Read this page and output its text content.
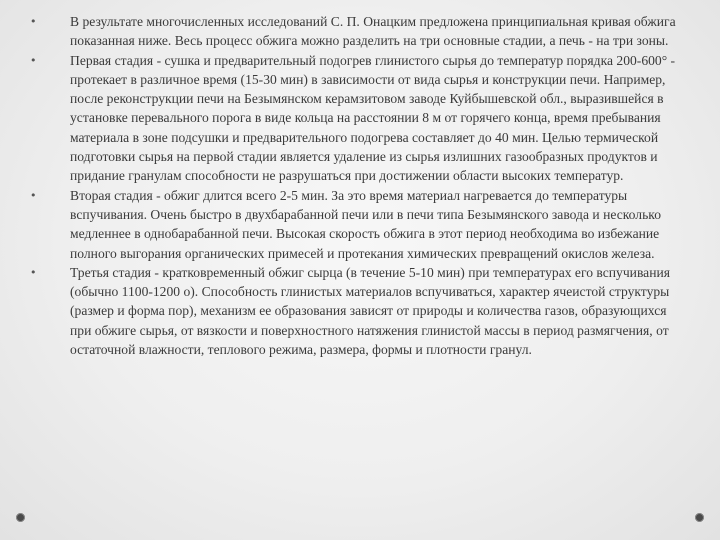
• В результате многочисленных исследований С. П. Онацким предложена принципиальная кривая обжига показанная ниже. Весь процесс обжига можно разделить на три основные стадии, а печь - на три зоны.
• Первая стадия - сушка и предварительный подогрев глинистого сырья до температур порядка 200-600° - протекает в различное время (15-30 мин) в зависимости от вида сырья и конструкции печи. Например, после реконструкции печи на Безымянском керамзитовом заводе Куйбышевской обл., выразившейся в установке перевального порога в виде кольца на расстоянии 8 м от горячего конца, время пребывания материала в зоне подсушки и предварительного подогрева составляет до 40 мин. Целью термической подготовки сырья на первой стадии является удаление из сырья излишних газообразных продуктов и придание гранулам способности не разрушаться при достижении области высоких температур.
• Вторая стадия - обжиг длится всего 2-5 мин. За это время материал нагревается до температуры вспучивания. Очень быстро в двухбарабанной печи или в печи типа Безымянского завода и несколько медленнее в однобарабанной печи. Высокая скорость обжига в этот период необходима во избежание полного выгорания органических примесей и протекания химических превращений окислов железа.
• Третья стадия - кратковременный обжиг сырца (в течение 5-10 мин) при температурах его вспучивания (обычно 1100-1200 о). Способность глинистых материалов вспучиваться, характер ячеистой структуры (размер и форма пор), механизм ее образования зависят от природы и количества газов, образующихся при обжиге сырья, от вязкости и поверхностного натяжения глинистой массы в период размягчения, от остаточной влажности, теплового режима, размера, формы и плотности гранул.
